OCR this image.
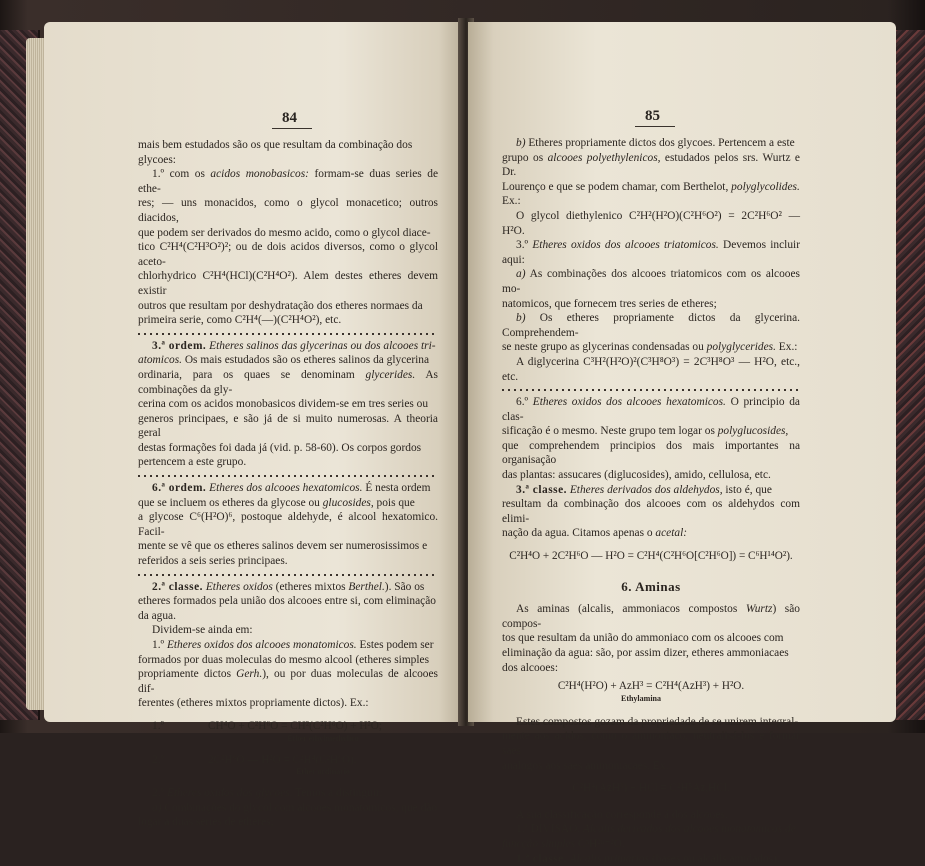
84

mais bem estudados são os que resultam da combinação dos

glycoes:

1.º com os acidos monobasicos: formam-se duas series de ethe-

res; — uns monacidos, como o glycol monacetico; outros diacidos,

que podem ser derivados do mesmo acido, como o glycol diace-

tico C²H⁴(C²H³O²)²; ou de dois acidos diversos, como o glycol aceto-

chlorhydrico C²H⁴(HCl)(C²H⁴O²). Alem destes etheres devem existir

outros que resultam por deshydratação dos etheres normaes da

primeira serie, como C²H⁴(—)(C²H⁴O²), etc.

3.ª ordem. Etheres salinos das glycerinas ou dos alcooes tri-

atomicos. Os mais estudados são os etheres salinos da glycerina

ordinaria, para os quaes se denominam glycerides. As combinações da gly-

cerina com os acidos monobasicos dividem-se em tres series ou

generos principaes, e são já de si muito numerosas. A theoria geral

destas formações foi dada já (vid. p. 58-60). Os corpos gordos

pertencem a este grupo.

6.ª ordem. Etheres dos alcooes hexatomicos. É nesta ordem

que se incluem os etheres da glycose ou glucosides, pois que

a glycose C⁶(H²O)⁶, postoque aldehyde, é alcool hexatomico. Facil-

mente se vê que os etheres salinos devem ser numerosissimos e

referidos a seis series principaes.

2.ª classe. Etheres oxidos (etheres mixtos Berthel.). São os

etheres formados pela união dos alcooes entre si, com eliminação

da agua.

Dividem-se ainda em:

1.º Etheres oxidos dos alcooes monatomicos. Estes podem ser

formados por duas moleculas do mesmo alcool (etheres simples

propriamente dictos Gerh.), ou por duas moleculas de alcooes dif-

ferentes (etheres mixtos propriamente dictos). Ex.:

1.º	CH⁴O + C²H⁶O = CH²(C²H⁶O) + H²O;

Ether ethylmethylico

2.º	2C²H⁶O — H²O = C²H⁴(C²H⁶O).

Ether ordinario

2.º Etheres oxidos dos glycoes. Temos a distinguir:

a) Combinações do glycol com alcooes monatomicos, que dão

logar a duas series de etheres;

85

b) Etheres propriamente dictos dos glycoes. Pertencem a este

grupo os alcooes polyethylenicos, estudados pelos srs. Wurtz e Dr.

Lourenço e que se podem chamar, com Berthelot, polyglycolides.

Ex.:

O glycol diethylenico C²H²(H²O)(C²H⁶O²) = 2C²H⁶O² — H²O.

3.º Etheres oxidos dos alcooes triatomicos. Devemos incluir aqui:

a) As combinações dos alcooes triatomicos com os alcooes mo-

natomicos, que fornecem tres series de etheres;

b) Os etheres propriamente dictos da glycerina. Comprehendem-

se neste grupo as glycerinas condensadas ou polyglycerides. Ex.:

A diglycerina C³H²(H²O)²(C³H⁸O³) = 2C³H⁸O³ — H²O, etc., etc.

6.º Etheres oxidos dos alcooes hexatomicos. O principio da clas-

sificação é o mesmo. Neste grupo tem logar os polyglucosides,

que comprehendem principios dos mais importantes na organisação

das plantas: assucares (diglucosides), amido, cellulosa, etc.

3.ª classe. Etheres derivados dos aldehydos, isto é, que

resultam da combinação dos alcooes com os aldehydos com elimi-

nação da agua. Citamos apenas o acetal:

C²H⁴O + 2C²H⁶O — H²O = C²H⁴(C²H⁶O[C²H⁶O]) = C⁶H¹⁴O²).

6. Aminas

As aminas (alcalis, ammoniacos compostos Wurtz) são compos-

tos que resultam da união do ammoniaco com os alcooes com

eliminação da agua: são, por assim dizer, etheres ammoniacaes

dos alcooes:

C²H⁴(H²O) + AzH³ = C²H⁴(AzH³) + H²O.

Ethylamina

Estes compostos gozam da propriedade de se unirem integral-

mente aos acidos, como o ammoniaco, neutralisá-los e formar saes

analogos aos saes ammoniacaes. Ex.:

C²H⁴(AzH³) + HCl = C²H⁵Az,HCl.

A sua classificação corresponde á dos alcooes.

1.ª DIVISÃO. Alcalis derivados dos alcooes monatomicos de

funcção simples CⁿH²ⁿ⁺²O.

1.ª classe. Alcalis primarios (bases ou alcalis amidados).
